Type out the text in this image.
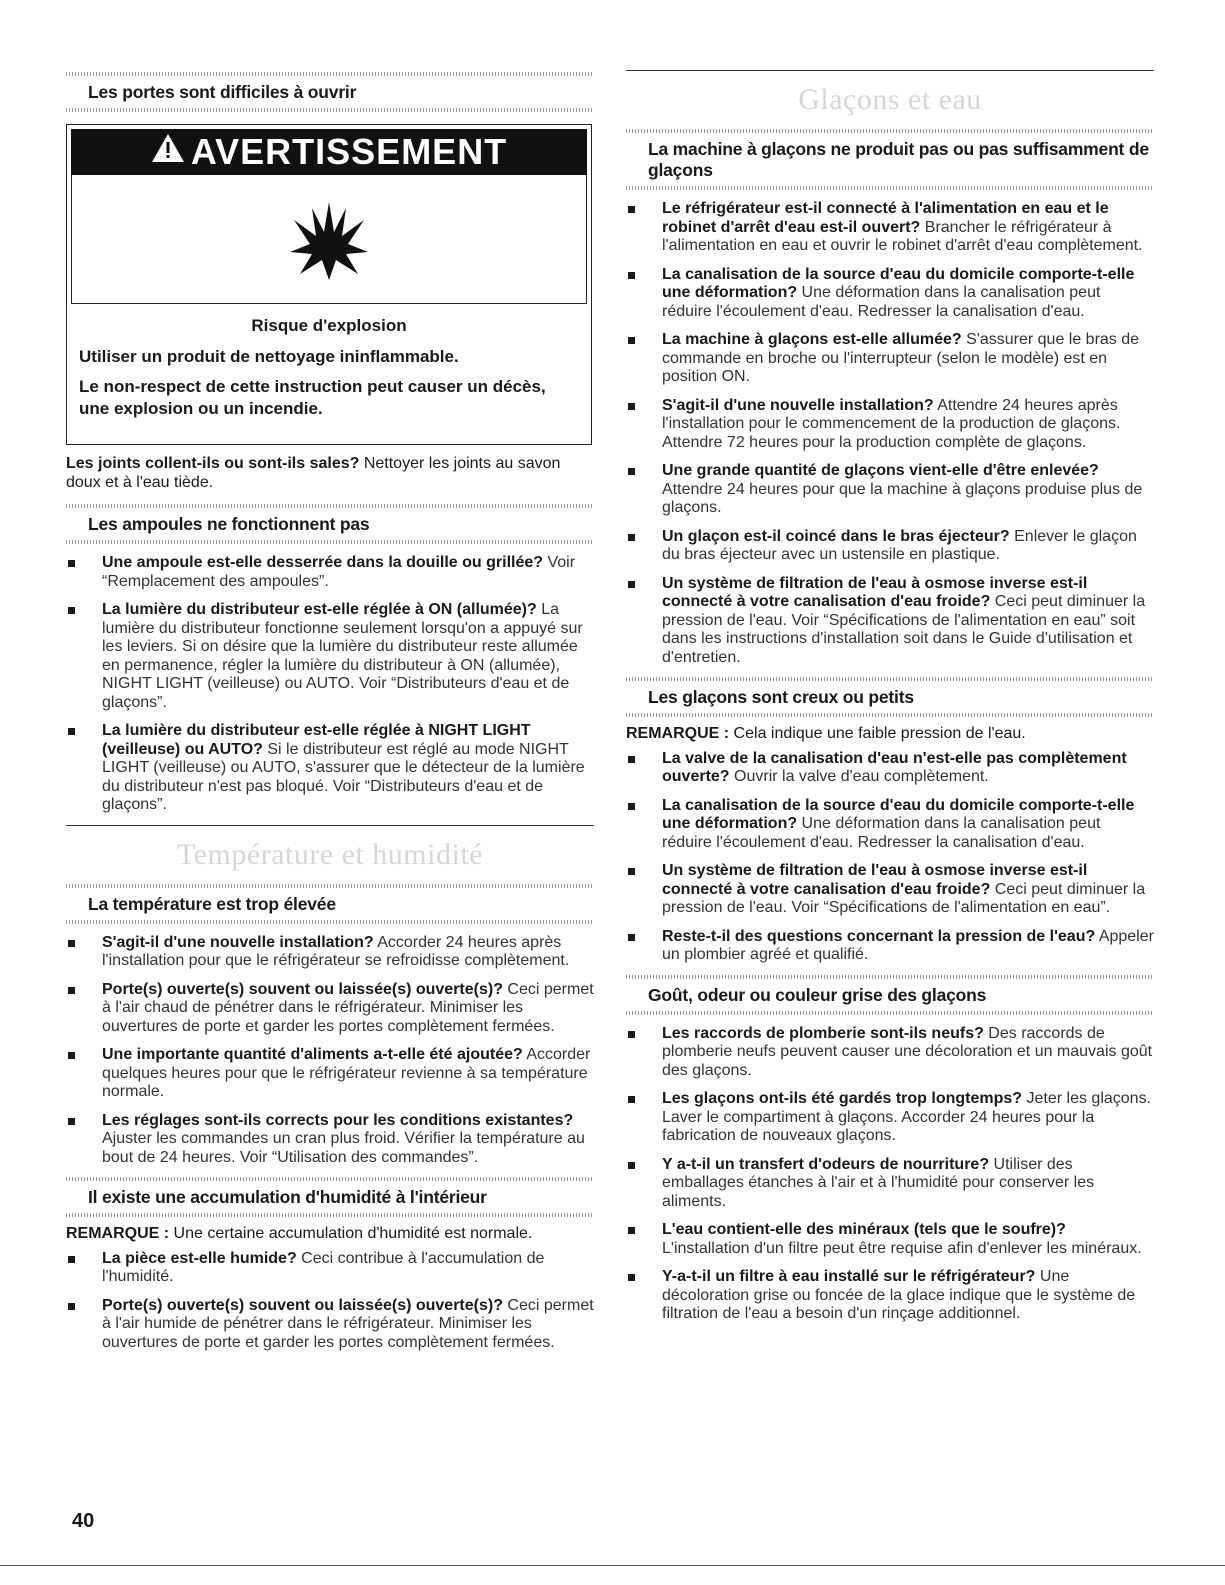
Les portes sont difficiles à ouvrir
AVERTISSEMENT
Risque d'explosion

Utiliser un produit de nettoyage ininflammable.

Le non-respect de cette instruction peut causer un décès, une explosion ou un incendie.

Les joints collent-ils ou sont-ils sales? Nettoyer les joints au savon doux et à l'eau tiède.

Les ampoules ne fonctionnent pas
Une ampoule est-elle desserrée dans la douille ou grillée? Voir “Remplacement des ampoules”.
La lumière du distributeur est-elle réglée à ON (allumée)? La lumière du distributeur fonctionne seulement lorsqu'on a appuyé sur les leviers. Si on désire que la lumière du distributeur reste allumée en permanence, régler la lumière du distributeur à ON (allumée), NIGHT LIGHT (veilleuse) ou AUTO. Voir “Distributeurs d'eau et de glaçons”.
La lumière du distributeur est-elle réglée à NIGHT LIGHT (veilleuse) ou AUTO? Si le distributeur est réglé au mode NIGHT LIGHT (veilleuse) ou AUTO, s'assurer que le détecteur de la lumière du distributeur n'est pas bloqué. Voir “Distributeurs d'eau et de glaçons”.
Température et humidité
La température est trop élevée
S'agit-il d'une nouvelle installation? Accorder 24 heures après l'installation pour que le réfrigérateur se refroidisse complètement.
Porte(s) ouverte(s) souvent ou laissée(s) ouverte(s)? Ceci permet à l'air chaud de pénétrer dans le réfrigérateur. Minimiser les ouvertures de porte et garder les portes complètement fermées.
Une importante quantité d'aliments a-t-elle été ajoutée? Accorder quelques heures pour que le réfrigérateur revienne à sa température normale.
Les réglages sont-ils corrects pour les conditions existantes? Ajuster les commandes un cran plus froid. Vérifier la température au bout de 24 heures. Voir “Utilisation des commandes”.
Il existe une accumulation d'humidité à l'intérieur

REMARQUE : Une certaine accumulation d'humidité est normale.

La pièce est-elle humide? Ceci contribue à l'accumulation de l'humidité.
Porte(s) ouverte(s) souvent ou laissée(s) ouverte(s)? Ceci permet à l'air humide de pénétrer dans le réfrigérateur. Minimiser les ouvertures de porte et garder les portes complètement fermées.
Glaçons et eau
La machine à glaçons ne produit pas ou pas suffisamment de glaçons
Le réfrigérateur est-il connecté à l'alimentation en eau et le robinet d'arrêt d'eau est-il ouvert? Brancher le réfrigérateur à l'alimentation en eau et ouvrir le robinet d'arrêt d'eau complètement.
La canalisation de la source d'eau du domicile comporte-t-elle une déformation? Une déformation dans la canalisation peut réduire l'écoulement d'eau. Redresser la canalisation d'eau.
La machine à glaçons est-elle allumée? S'assurer que le bras de commande en broche ou l'interrupteur (selon le modèle) est en position ON.
S'agit-il d'une nouvelle installation? Attendre 24 heures après l'installation pour le commencement de la production de glaçons. Attendre 72 heures pour la production complète de glaçons.
Une grande quantité de glaçons vient-elle d'être enlevée? Attendre 24 heures pour que la machine à glaçons produise plus de glaçons.
Un glaçon est-il coincé dans le bras éjecteur? Enlever le glaçon du bras éjecteur avec un ustensile en plastique.
Un système de filtration de l'eau à osmose inverse est-il connecté à votre canalisation d'eau froide? Ceci peut diminuer la pression de l'eau. Voir “Spécifications de l'alimentation en eau” soit dans les instructions d'installation soit dans le Guide d'utilisation et d'entretien.
Les glaçons sont creux ou petits

REMARQUE : Cela indique une faible pression de l'eau.

La valve de la canalisation d'eau n'est-elle pas complètement ouverte? Ouvrir la valve d'eau complètement.
La canalisation de la source d'eau du domicile comporte-t-elle une déformation? Une déformation dans la canalisation peut réduire l'écoulement d'eau. Redresser la canalisation d'eau.
Un système de filtration de l'eau à osmose inverse est-il connecté à votre canalisation d'eau froide? Ceci peut diminuer la pression de l'eau. Voir “Spécifications de l'alimentation en eau”.
Reste-t-il des questions concernant la pression de l'eau? Appeler un plombier agréé et qualifié.
Goût, odeur ou couleur grise des glaçons
Les raccords de plomberie sont-ils neufs? Des raccords de plomberie neufs peuvent causer une décoloration et un mauvais goût des glaçons.
Les glaçons ont-ils été gardés trop longtemps? Jeter les glaçons. Laver le compartiment à glaçons. Accorder 24 heures pour la fabrication de nouveaux glaçons.
Y a-t-il un transfert d'odeurs de nourriture? Utiliser des emballages étanches à l'air et à l'humidité pour conserver les aliments.
L'eau contient-elle des minéraux (tels que le soufre)? L'installation d'un filtre peut être requise afin d'enlever les minéraux.
Y-a-t-il un filtre à eau installé sur le réfrigérateur? Une décoloration grise ou foncée de la glace indique que le système de filtration de l'eau a besoin d'un rinçage additionnel.
40
